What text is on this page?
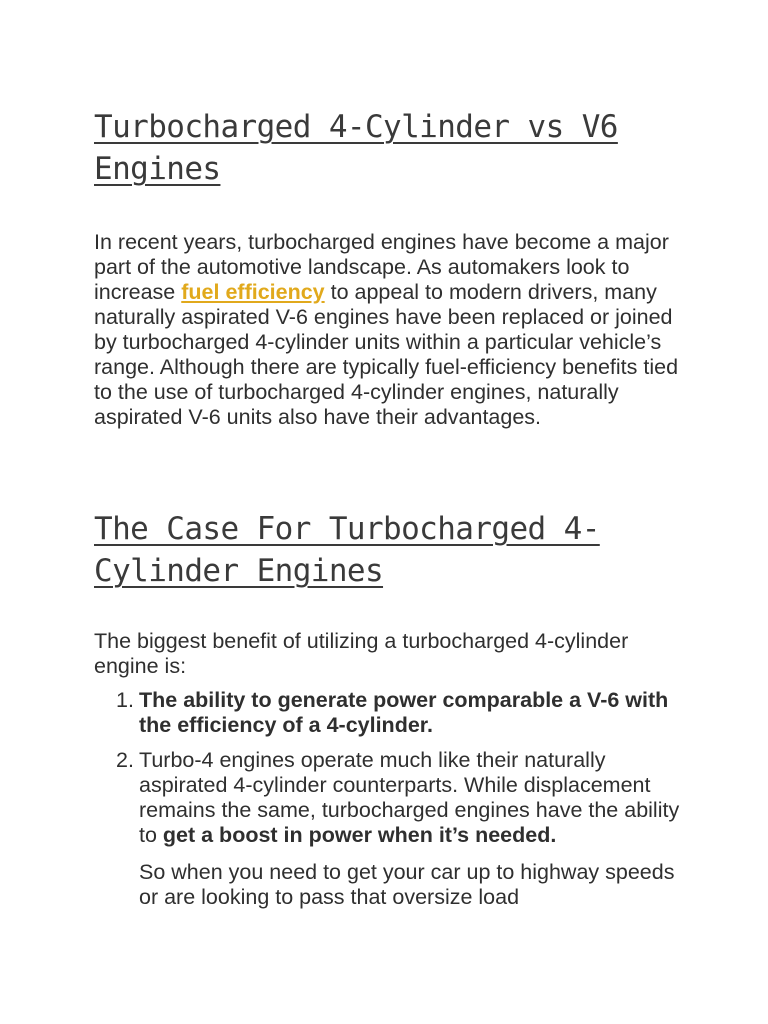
Turbocharged 4-Cylinder vs V6 Engines

In recent years, turbocharged engines have become a major part of the automotive landscape. As automakers look to increase fuel efficiency to appeal to modern drivers, many naturally aspirated V-6 engines have been replaced or joined by turbocharged 4-cylinder units within a particular vehicle’s range. Although there are typically fuel-efficiency benefits tied to the use of turbocharged 4-cylinder engines, naturally aspirated V-6 units also have their advantages.

The Case For Turbocharged 4-Cylinder Engines

The biggest benefit of utilizing a turbocharged 4-cylinder engine is:

1. The ability to generate power comparable a V-6 with the efficiency of a 4-cylinder.
2. Turbo-4 engines operate much like their naturally aspirated 4-cylinder counterparts. While displacement remains the same, turbocharged engines have the ability to get a boost in power when it’s needed.

So when you need to get your car up to highway speeds or are looking to pass that oversize load
